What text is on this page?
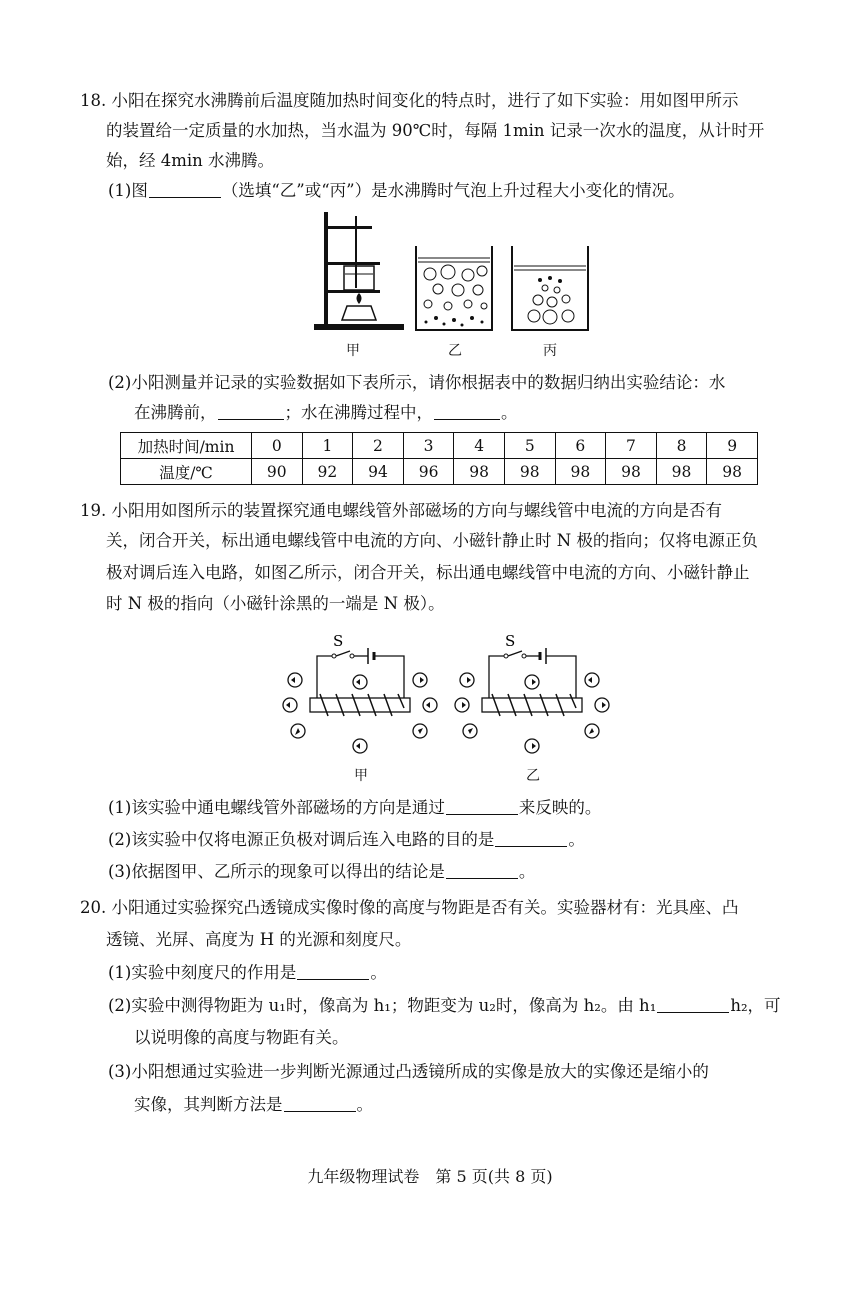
18. 小阳在探究水沸腾前后温度随加热时间变化的特点时，进行了如下实验：用如图甲所示
的装置给一定质量的水加热，当水温为 90℃时，每隔 1min 记录一次水的温度，从计时开
始，经 4min 水沸腾。
(1)图	（选填“乙”或“丙”）是水沸腾时气泡上升过程大小变化的情况。
甲	乙	丙
(2)小阳测量并记录的实验数据如下表所示，请你根据表中的数据归纳出实验结论：水
在沸腾前，	；水在沸腾过程中，	。
加热时间/min	0	1	2	3	4	5	6	7	8	9
温度/℃	90	92	94	96	98	98	98	98	98	98
19. 小阳用如图所示的装置探究通电螺线管外部磁场的方向与螺线管中电流的方向是否有
关，闭合开关，标出通电螺线管中电流的方向、小磁针静止时 N 极的指向；仅将电源正负
极对调后连入电路，如图乙所示，闭合开关，标出通电螺线管中电流的方向、小磁针静止
时 N 极的指向（小磁针涂黑的一端是 N 极）。
S
甲
S
乙
(1)该实验中通电螺线管外部磁场的方向是通过	来反映的。
(2)该实验中仅将电源正负极对调后连入电路的目的是	。
(3)依据图甲、乙所示的现象可以得出的结论是	。
20. 小阳通过实验探究凸透镜成实像时像的高度与物距是否有关。实验器材有：光具座、凸
透镜、光屏、高度为 H 的光源和刻度尺。
(1)实验中刻度尺的作用是	。
(2)实验中测得物距为 u₁时，像高为 h₁；物距变为 u₂时，像高为 h₂。由 h₁	h₂，可
以说明像的高度与物距有关。
(3)小阳想通过实验进一步判断光源通过凸透镜所成的实像是放大的实像还是缩小的
实像，其判断方法是	。
九年级物理试卷　第 5 页(共 8 页)
